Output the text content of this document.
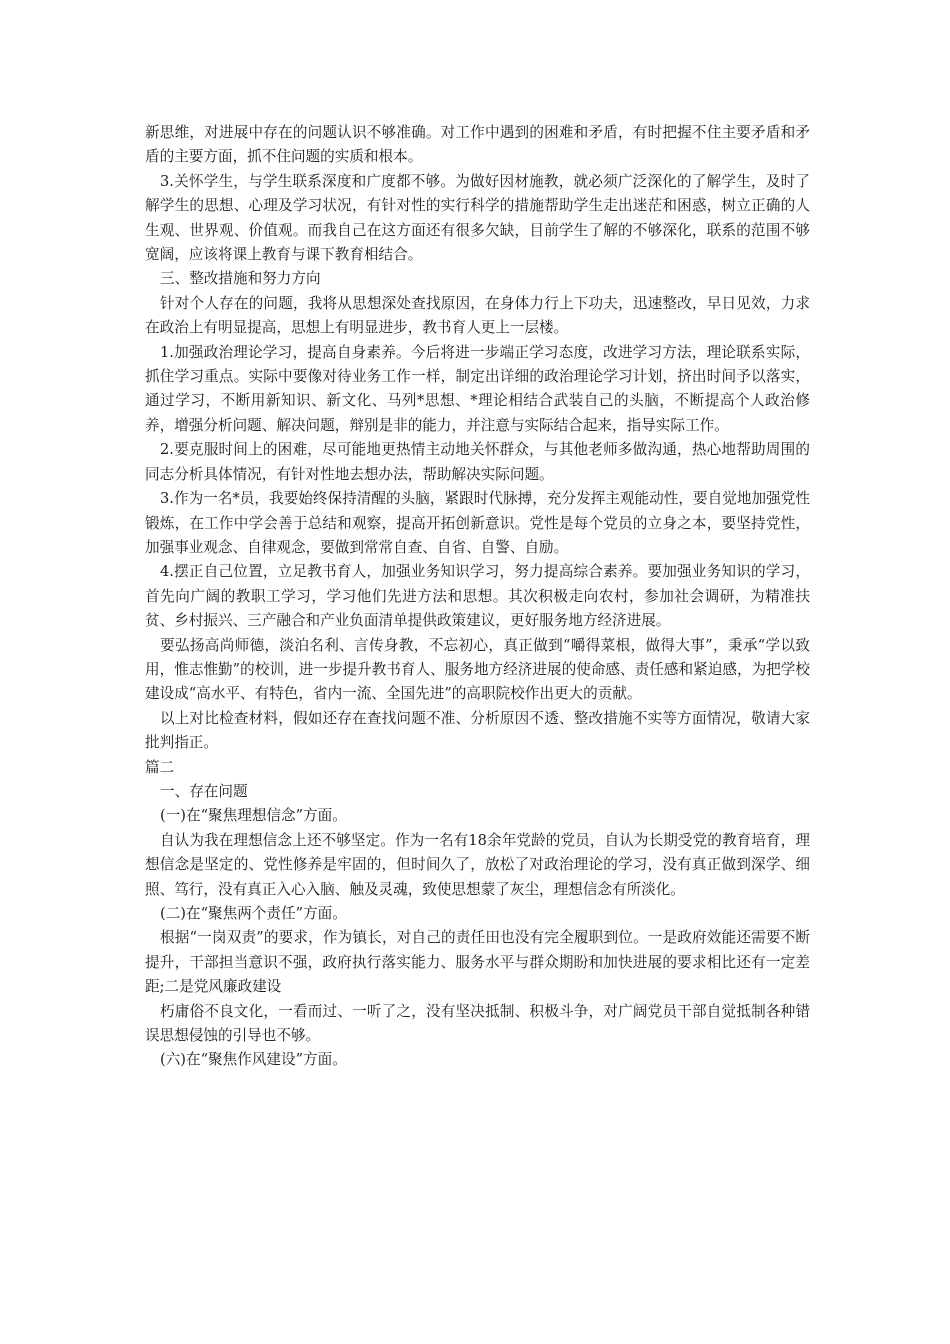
新思维，对进展中存在的问题认识不够准确。对工作中遇到的困难和矛盾，有时把握不住主要矛盾和矛盾的主要方面，抓不住问题的实质和根本。

3.关怀学生，与学生联系深度和广度都不够。为做好因材施教，就必须广泛深化的了解学生，及时了解学生的思想、心理及学习状况，有针对性的实行科学的措施帮助学生走出迷茫和困惑，树立正确的人生观、世界观、价值观。而我自己在这方面还有很多欠缺，目前学生了解的不够深化，联系的范围不够宽阔，应该将课上教育与课下教育相结合。

三、整改措施和努力方向

针对个人存在的问题，我将从思想深处查找原因，在身体力行上下功夫，迅速整改，早日见效，力求在政治上有明显提高，思想上有明显进步，教书育人更上一层楼。

1.加强政治理论学习，提高自身素养。今后将进一步端正学习态度，改进学习方法，理论联系实际，抓住学习重点。实际中要像对待业务工作一样，制定出详细的政治理论学习计划，挤出时间予以落实，通过学习，不断用新知识、新文化、马列*思想、*理论相结合武装自己的头脑，不断提高个人政治修养，增强分析问题、解决问题，辩别是非的能力，并注意与实际结合起来，指导实际工作。

2.要克服时间上的困难，尽可能地更热情主动地关怀群众，与其他老师多做沟通，热心地帮助周围的同志分析具体情况，有针对性地去想办法，帮助解决实际问题。

3.作为一名*员，我要始终保持清醒的头脑，紧跟时代脉搏，充分发挥主观能动性，要自觉地加强党性锻炼，在工作中学会善于总结和观察，提高开拓创新意识。党性是每个党员的立身之本，要坚持党性，加强事业观念、自律观念，要做到常常自查、自省、自警、自励。

4.摆正自己位置，立足教书育人，加强业务知识学习，努力提高综合素养。要加强业务知识的学习，首先向广阔的教职工学习，学习他们先进方法和思想。其次积极走向农村，参加社会调研，为精准扶贫、乡村振兴、三产融合和产业负面清单提供政策建议，更好服务地方经济进展。

要弘扬高尚师德，淡泊名利、言传身教，不忘初心，真正做到“嚼得菜根，做得大事”，秉承“学以致用，惟志惟勤”的校训，进一步提升教书育人、服务地方经济进展的使命感、责任感和紧迫感，为把学校建设成“高水平、有特色，省内一流、全国先进”的高职院校作出更大的贡献。

以上对比检查材料，假如还存在查找问题不准、分析原因不透、整改措施不实等方面情况，敬请大家批判指正。

篇二

一、存在问题

(一)在“聚焦理想信念”方面。

自认为我在理想信念上还不够坚定。作为一名有18余年党龄的党员，自认为长期受党的教育培育，理想信念是坚定的、党性修养是牢固的，但时间久了，放松了对政治理论的学习，没有真正做到深学、细照、笃行，没有真正入心入脑、触及灵魂，致使思想蒙了灰尘，理想信念有所淡化。

(二)在“聚焦两个责任”方面。

根据“一岗双责”的要求，作为镇长，对自己的责任田也没有完全履职到位。一是政府效能还需要不断提升，干部担当意识不强，政府执行落实能力、服务水平与群众期盼和加快进展的要求相比还有一定差距;二是党风廉政建设

朽庸俗不良文化，一看而过、一听了之，没有坚决抵制、积极斗争，对广阔党员干部自觉抵制各种错误思想侵蚀的引导也不够。

(六)在“聚焦作风建设”方面。
